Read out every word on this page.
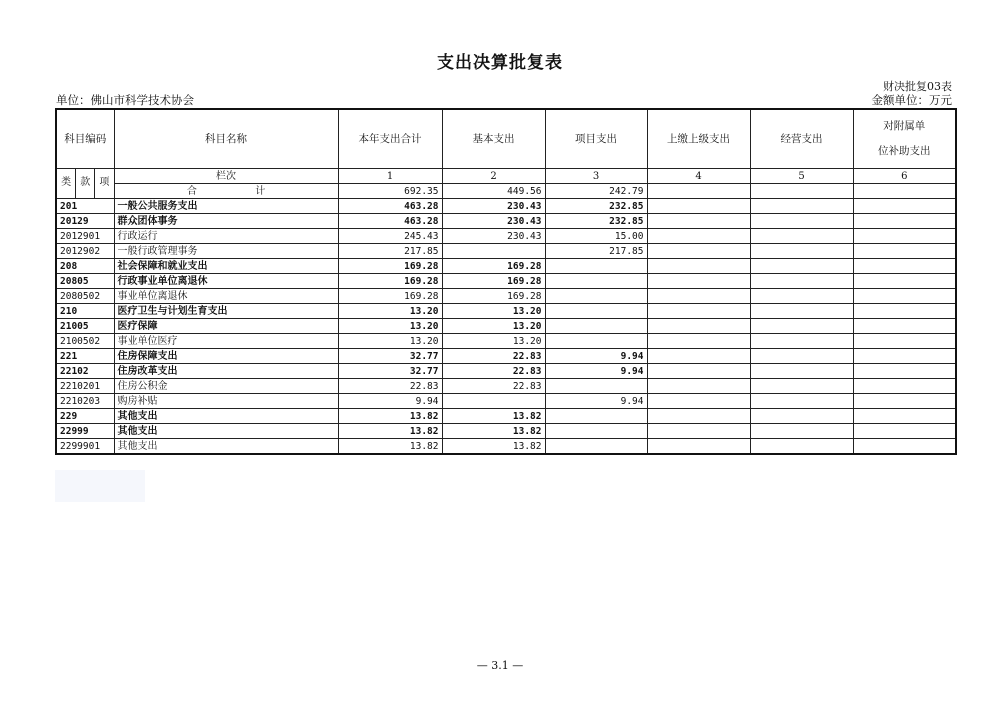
支出决算批复表
财决批复03表
单位：佛山市科学技术协会	金额单位：万元
科目编码	科目名称	本年支出合计	基本支出	项目支出	上缴上级支出	经营支出	对附属单
位补助支出

类 款 项	栏次	1	2	3	4	5	6
	合 计	692.35	449.56	242.79			
201	一般公共服务支出	463.28	230.43	232.85			
20129	群众团体事务	463.28	230.43	232.85			
2012901	行政运行	245.43	230.43	15.00			
2012902	一般行政管理事务	217.85		217.85			
208	社会保障和就业支出	169.28	169.28				
20805	行政事业单位离退休	169.28	169.28				
2080502	事业单位离退休	169.28	169.28				
210	医疗卫生与计划生育支出	13.20	13.20				
21005	医疗保障	13.20	13.20				
2100502	事业单位医疗	13.20	13.20				
221	住房保障支出	32.77	22.83	9.94			
22102	住房改革支出	32.77	22.83	9.94			
2210201	住房公积金	22.83	22.83				
2210203	购房补贴	9.94		9.94			
229	其他支出	13.82	13.82				
22999	其他支出	13.82	13.82				
2299901	其他支出	13.82	13.82				
— 3.1 —
